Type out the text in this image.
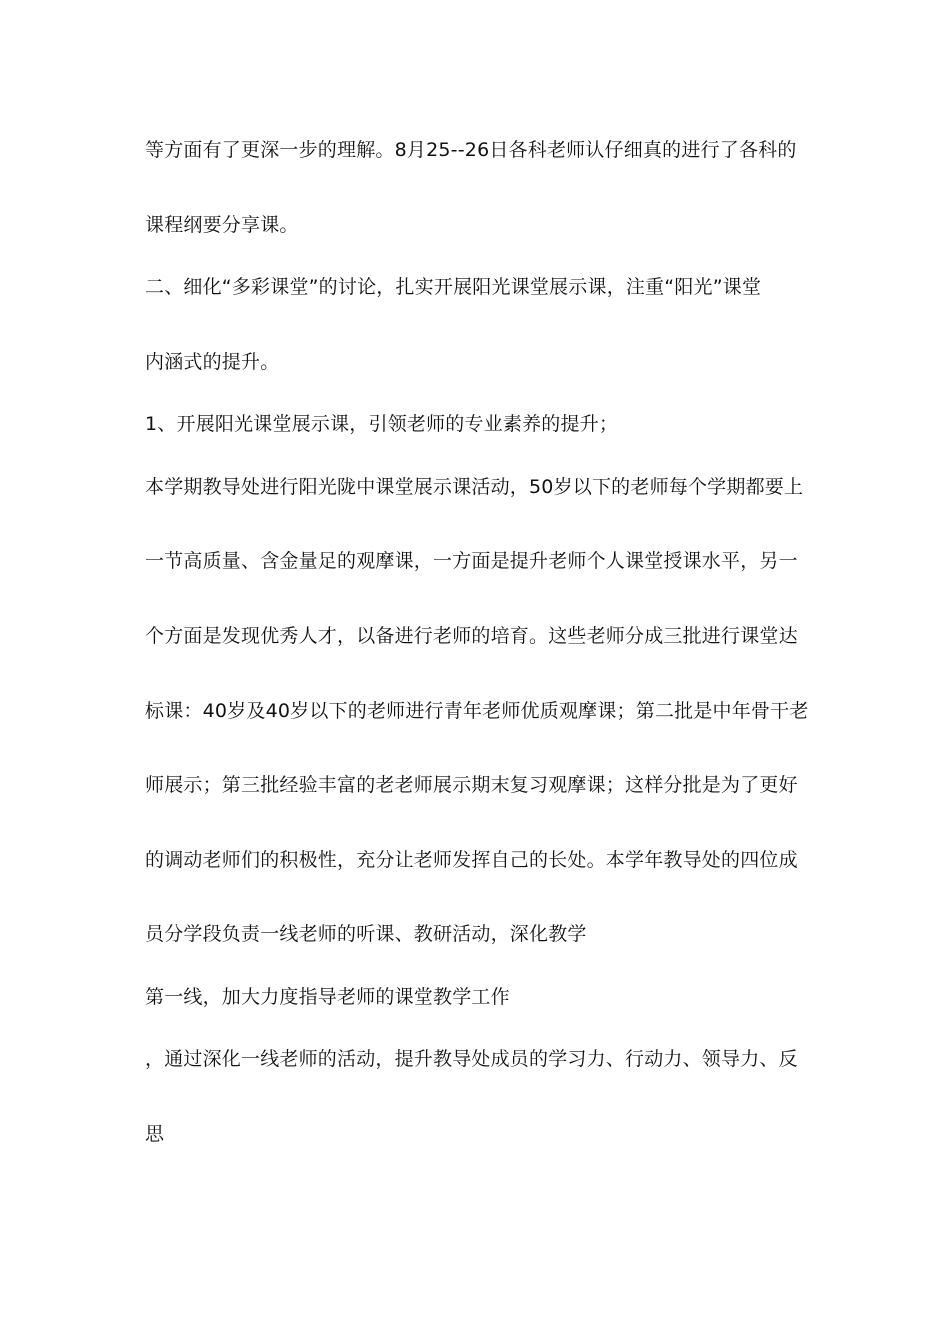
等方面有了更深一步的理解。8月25--26日各科老师认仔细真的进行了各科的
课程纲要分享课。
二、细化“多彩课堂”的讨论，扎实开展阳光课堂展示课，注重“阳光”课堂
内涵式的提升。
1、开展阳光课堂展示课，引领老师的专业素养的提升；
本学期教导处进行阳光陇中课堂展示课活动，50岁以下的老师每个学期都要上
一节高质量、含金量足的观摩课，一方面是提升老师个人课堂授课水平，另一
个方面是发现优秀人才，以备进行老师的培育。这些老师分成三批进行课堂达
标课：40岁及40岁以下的老师进行青年老师优质观摩课；第二批是中年骨干老
师展示；第三批经验丰富的老老师展示期末复习观摩课；这样分批是为了更好
的调动老师们的积极性，充分让老师发挥自己的长处。本学年教导处的四位成
员分学段负责一线老师的听课、教研活动，深化教学
第一线，加大力度指导老师的课堂教学工作
，通过深化一线老师的活动，提升教导处成员的学习力、行动力、领导力、反
思
